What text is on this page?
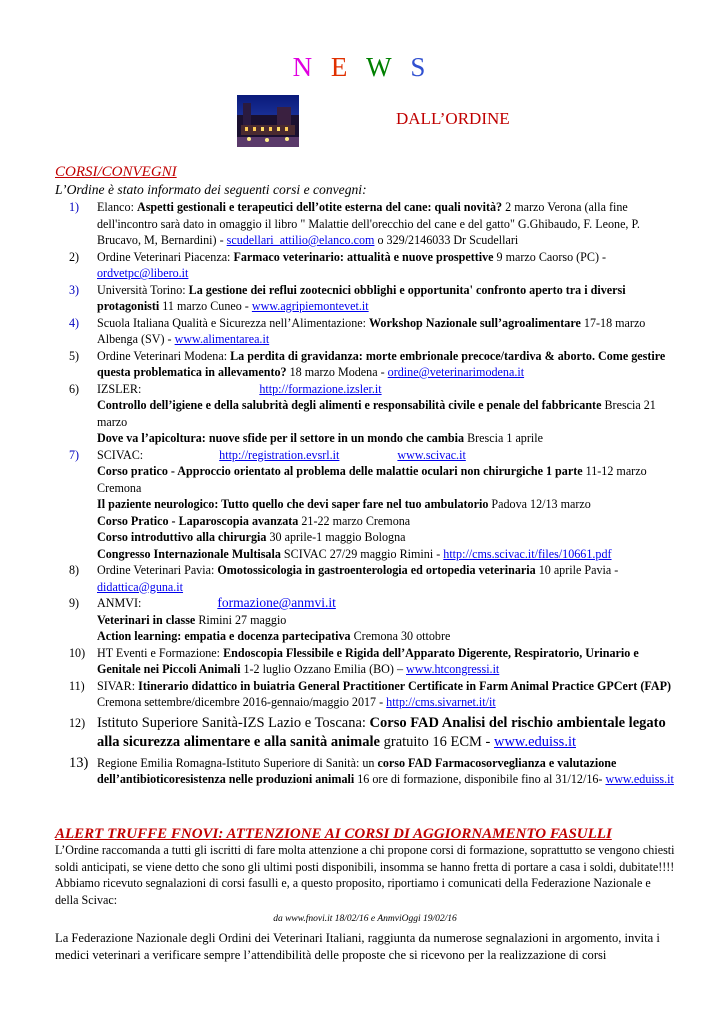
N E W S
DALL’ORDINE
CORSI/CONVEGNI
L’Ordine è stato informato dei seguenti corsi e convegni:
1) Elanco: Aspetti gestionali e terapeutici dell’otite esterna del cane: quali novità? 2 marzo Verona (alla fine dell'incontro sarà dato in omaggio il libro " Malattie dell'orecchio del cane e del gatto" G.Ghibaudo, F. Leone, P. Brucavo, M, Bernardini) - scudellari_attilio@elanco.com o 329/2146033 Dr Scudellari
2) Ordine Veterinari Piacenza: Farmaco veterinario: attualità e nuove prospettive 9 marzo Caorso (PC) - ordvetpc@libero.it
3) Università Torino: La gestione dei reflui zootecnici obblighi e opportunita' confronto aperto tra i diversi protagonisti 11 marzo Cuneo - www.agripiemontevet.it
4) Scuola Italiana Qualità e Sicurezza nell’Alimentazione: Workshop Nazionale sull’agroalimentare 17-18 marzo Albenga (SV) - www.alimentarea.it
5) Ordine Veterinari Modena: La perdita di gravidanza: morte embrionale precoce/tardiva & aborto. Come gestire questa problematica in allevamento? 18 marzo Modena - ordine@veterinarimodena.it
6) IZSLER:	http://formazione.izsler.it
Controllo dell’igiene e della salubrità degli alimenti e responsabilità civile e penale del fabbricante Brescia 21 marzo
Dove va l’apicoltura: nuove sfide per il settore in un mondo che cambia Brescia 1 aprile
7) SCIVAC:	http://registration.evsrl.it	www.scivac.it
Corso pratico - Approccio orientato al problema delle malattie oculari non chirurgiche 1 parte 11-12 marzo Cremona
Il paziente neurologico: Tutto quello che devi saper fare nel tuo ambulatorio Padova 12/13 marzo
Corso Pratico - Laparoscopia avanzata 21-22 marzo Cremona
Corso introduttivo alla chirurgia 30 aprile-1 maggio Bologna
Congresso Internazionale Multisala SCIVAC 27/29 maggio Rimini - http://cms.scivac.it/files/10661.pdf
8) Ordine Veterinari Pavia: Omotossicologia in gastroenterologia ed ortopedia veterinaria 10 aprile Pavia - didattica@guna.it
9) ANMVI:	formazione@anmvi.it
Veterinari in classe Rimini 27 maggio
Action learning: empatia e docenza partecipativa Cremona 30 ottobre
10) HT Eventi e Formazione: Endoscopia Flessibile e Rigida dell’Apparato Digerente, Respiratorio, Urinario e Genitale nei Piccoli Animali 1-2 luglio Ozzano Emilia (BO) – www.htcongressi.it
11) SIVAR: Itinerario didattico in buiatria General Practitioner Certificate in Farm Animal Practice GPCert (FAP) Cremona settembre/dicembre 2016-gennaio/maggio 2017 - http://cms.sivarnet.it/it
12) Istituto Superiore Sanità-IZS Lazio e Toscana: Corso FAD Analisi del rischio ambientale legato alla sicurezza alimentare e alla sanità animale gratuito 16 ECM - www.eduiss.it
13) Regione Emilia Romagna-Istituto Superiore di Sanità: un corso FAD Farmacosorveglianza e valutazione dell’antibioticoresistenza nelle produzioni animali 16 ore di formazione, disponibile fino al 31/12/16- www.eduiss.it
ALERT TRUFFE FNOVI: ATTENZIONE AI CORSI DI AGGIORNAMENTO FASULLI
L’Ordine raccomanda a tutti gli iscritti di fare molta attenzione a chi propone corsi di formazione, soprattutto se vengono chiesti soldi anticipati, se viene detto che sono gli ultimi posti disponibili, insomma se hanno fretta di portare a casa i soldi, dubitate!!!!
Abbiamo ricevuto segnalazioni di corsi fasulli e, a questo proposito, riportiamo i comunicati della Federazione Nazionale e della Scivac:
da www.fnovi.it 18/02/16 e AnmviOggi 19/02/16
La Federazione Nazionale degli Ordini dei Veterinari Italiani, raggiunta da numerose segnalazioni in argomento, invita i medici veterinari a verificare sempre l’attendibilità delle proposte che si ricevono per la realizzazione di corsi
